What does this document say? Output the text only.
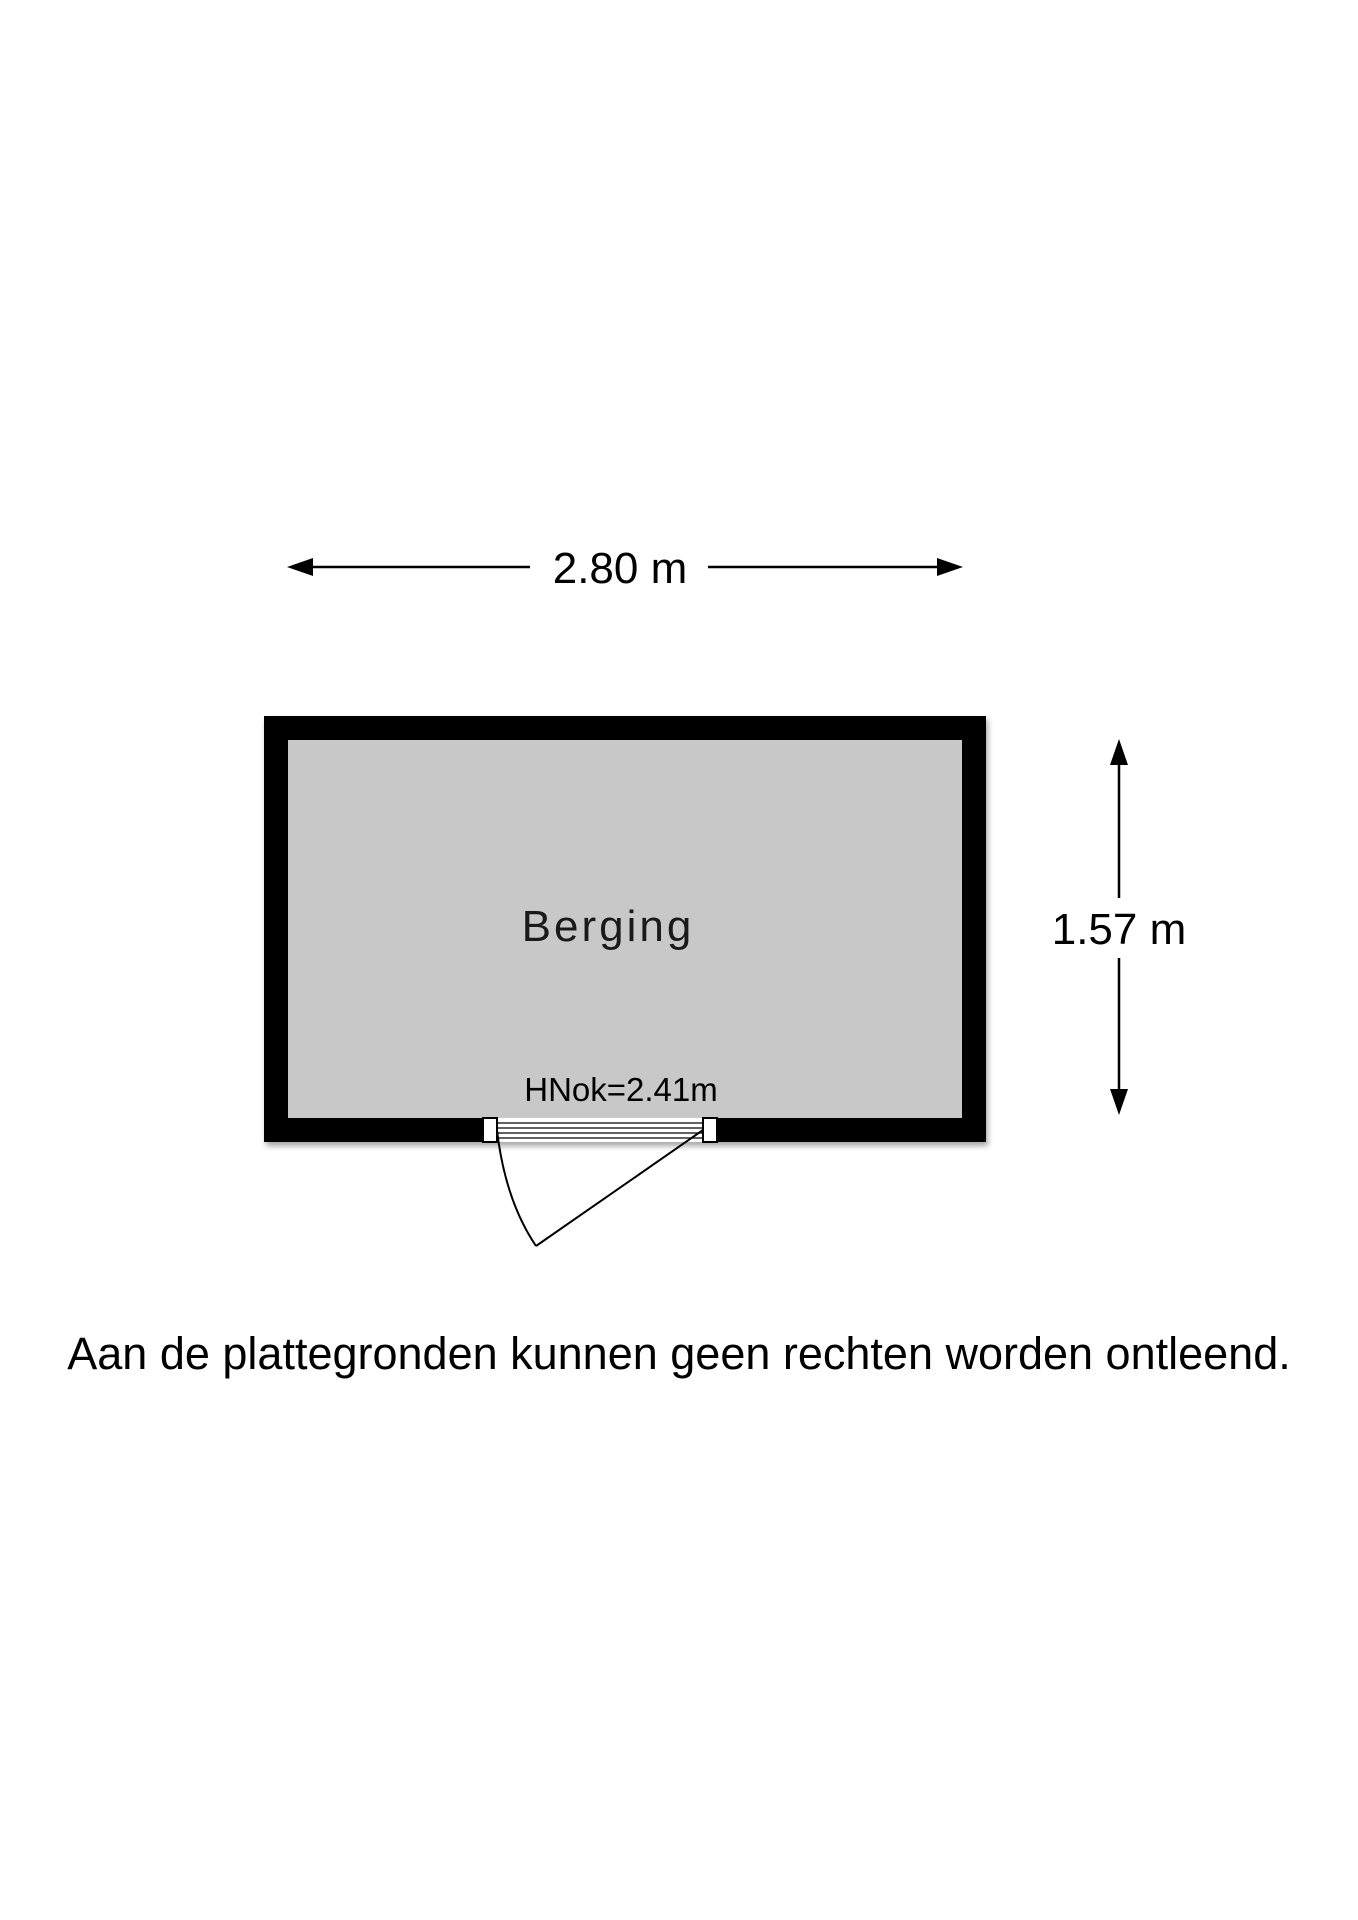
2.80 m
1.57 m
Berging
HNok=2.41m
Aan de plattegronden kunnen geen rechten worden ontleend.
